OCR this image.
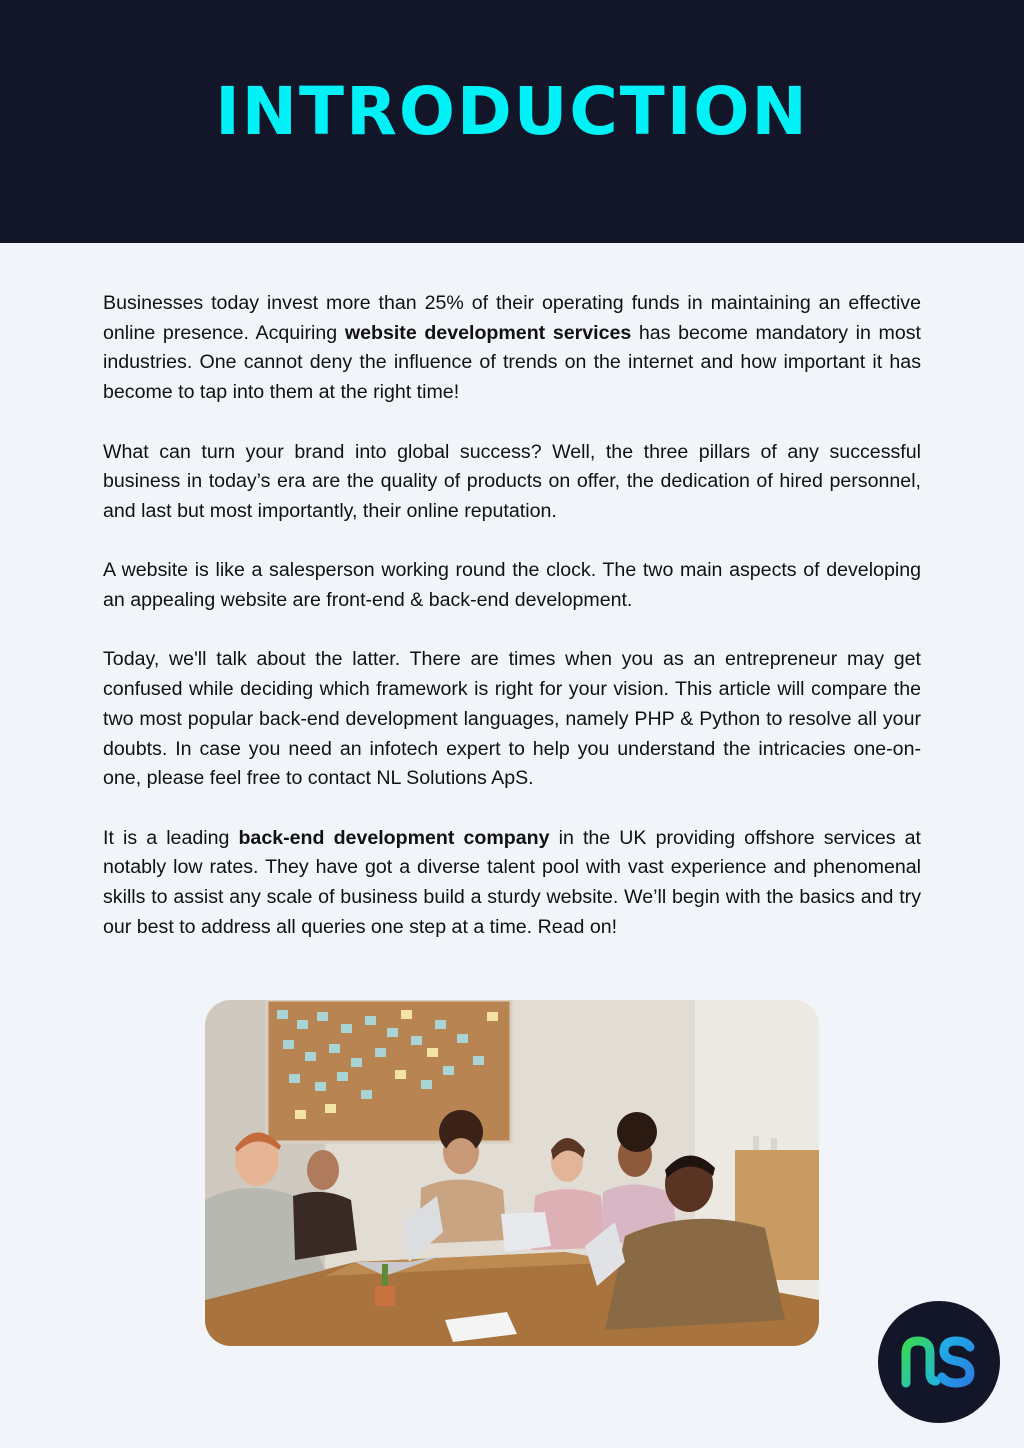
INTRODUCTION

Businesses today invest more than 25% of their operating funds in maintaining an effective online presence. Acquiring website development services has become mandatory in most industries. One cannot deny the influence of trends on the internet and how important it has become to tap into them at the right time!

What can turn your brand into global success? Well, the three pillars of any successful business in today’s era are the quality of products on offer, the dedication of hired personnel, and last but most importantly, their online reputation.

A website is like a salesperson working round the clock. The two main aspects of developing an appealing website are front-end & back-end development.

Today, we'll talk about the latter. There are times when you as an entrepreneur may get confused while deciding which framework is right for your vision. This article will compare the two most popular back-end development languages, namely PHP & Python to resolve all your doubts. In case you need an infotech expert to help you understand the intricacies one-on-one, please feel free to contact NL Solutions ApS.

It is a leading back-end development company in the UK providing offshore services at notably low rates. They have got a diverse talent pool with vast experience and phenomenal skills to assist any scale of business build a sturdy website. We’ll begin with the basics and try our best to address all queries one step at a time. Read on!
